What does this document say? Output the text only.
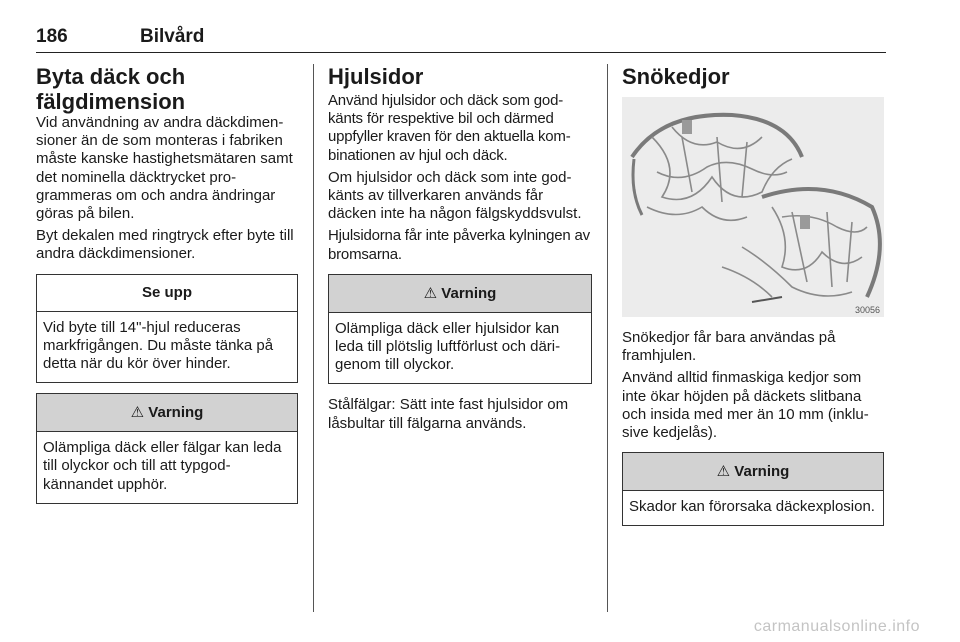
186	Bilvård
Byta däck och fälgdimension

Vid användning av andra däckdimensioner än de som monteras i fabriken måste kanske hastighetsmätaren samt det nominella däcktrycket programmeras om och andra ändringar göras på bilen.

Byt dekalen med ringtryck efter byte till andra däckdimensioner.

Se upp
Vid byte till 14"-hjul reduceras markfrigången. Du måste tänka på detta när du kör över hinder.
⚠ Varning
Olämpliga däck eller fälgar kan leda till olyckor och till att typgodkännandet upphör.
Hjulsidor

Använd hjulsidor och däck som godkänts för respektive bil och därmed uppfyller kraven för den aktuella kombinationen av hjul och däck.

Om hjulsidor och däck som inte godkänts av tillverkaren används får däcken inte ha någon fälgskyddsvulst.

Hjulsidorna får inte påverka kylningen av bromsarna.

⚠ Varning
Olämpliga däck eller hjulsidor kan leda till plötslig luftförlust och därigenom till olyckor.

Stålfälgar: Sätt inte fast hjulsidor om låsbultar till fälgarna används.

Snökedjor
30056

Snökedjor får bara användas på framhjulen.

Använd alltid finmaskiga kedjor som inte ökar höjden på däckets slitbana och insida med mer än 10 mm (inklusive kedjelås).

⚠ Varning
Skador kan förorsaka däckexplosion.
carmanualsonline.info
